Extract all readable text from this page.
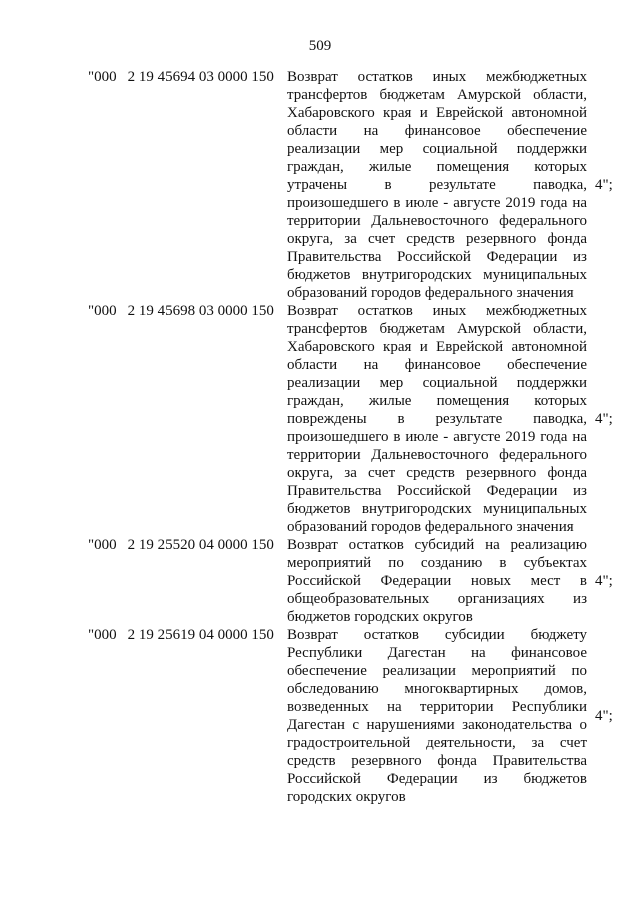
509
"000 2 19 45694 03 0000 150 Возврат остатков иных межбюджетных
трансфертов бюджетам Амурской области,
Хабаровского края и Еврейской автономной
области на финансовое обеспечение
реализации мер социальной поддержки
граждан, жилые помещения которых
утрачены в результате паводка,
произошедшего в июле - августе 2019 года на
территории Дальневосточного федерального
округа, за счет средств резервного фонда
Правительства Российской Федерации из
бюджетов внутригородских муниципальных
образований городов федерального значения
4";
"000 2 19 45698 03 0000 150 Возврат остатков иных межбюджетных
трансфертов бюджетам Амурской области,
Хабаровского края и Еврейской автономной
области на финансовое обеспечение
реализации мер социальной поддержки
граждан, жилые помещения которых
повреждены в результате паводка,
произошедшего в июле - августе 2019 года на
территории Дальневосточного федерального
округа, за счет средств резервного фонда
Правительства Российской Федерации из
бюджетов внутригородских муниципальных
образований городов федерального значения
4";
"000 2 19 25520 04 0000 150 Возврат остатков субсидий на реализацию
мероприятий по созданию в субъектах
Российской Федерации новых мест в
общеобразовательных организациях из
бюджетов городских округов
4";
"000 2 19 25619 04 0000 150 Возврат остатков субсидии бюджету
Республики Дагестан на финансовое
обеспечение реализации мероприятий по
обследованию многоквартирных домов,
возведенных на территории Республики
Дагестан с нарушениями законодательства о
градостроительной деятельности, за счет
средств резервного фонда Правительства
Российской Федерации из бюджетов
городских округов
4";
